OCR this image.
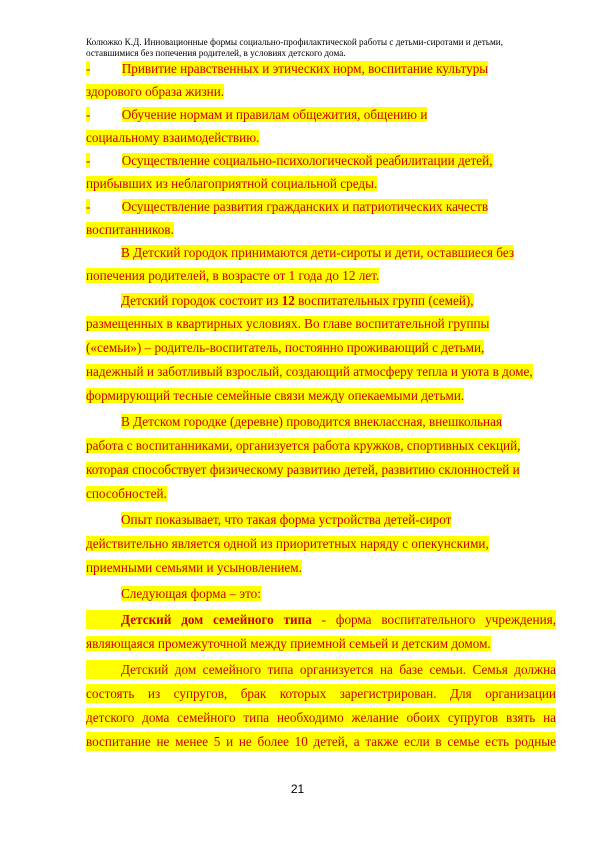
Колюжко К.Д. Инновационные формы социально-профилактической работы с детьми-сиротами и детьми,
оставшимися без попечения родителей, в условиях детского дома.
- Привитие нравственных и этических норм, воспитание культуры
здорового образа жизни.
- Обучение нормам и правилам общежития, общению и
социальному взаимодействию.
- Осуществление социально-психологической реабилитации детей,
прибывших из неблагоприятной социальной среды.
- Осуществление развития гражданских и патриотических качеств
воспитанников.
В Детский городок принимаются дети-сироты и дети, оставшиеся без
попечения родителей, в возрасте от 1 года до 12 лет.
Детский городок состоит из 12 воспитательных групп (семей),
размещенных в квартирных условиях. Во главе воспитательной группы
(«семьи») – родитель-воспитатель, постоянно проживающий с детьми,
надежный и заботливый взрослый, создающий атмосферу тепла и уюта в доме,
формирующий тесные семейные связи между опекаемыми детьми.
В Детском городке (деревне) проводится внеклассная, внешкольная
работа с воспитанниками, организуется работа кружков, спортивных секций,
которая способствует физическому развитию детей, развитию склонностей и
способностей.
Опыт показывает, что такая форма устройства детей-сирот
действительно является одной из приоритетных наряду с опекунскими,
приемными семьями и усыновлением.
Следующая форма – это:
Детский дом семейного типа - форма воспитательного учреждения,
являющаяся промежуточной между приемной семьей и детским домом.
Детский дом семейного типа организуется на базе семьи. Семья должна
состоять из супругов, брак которых зарегистрирован. Для организации
детского дома семейного типа необходимо желание обоих супругов взять на
воспитание не менее 5 и не более 10 детей, а также если в семье есть родные
21
